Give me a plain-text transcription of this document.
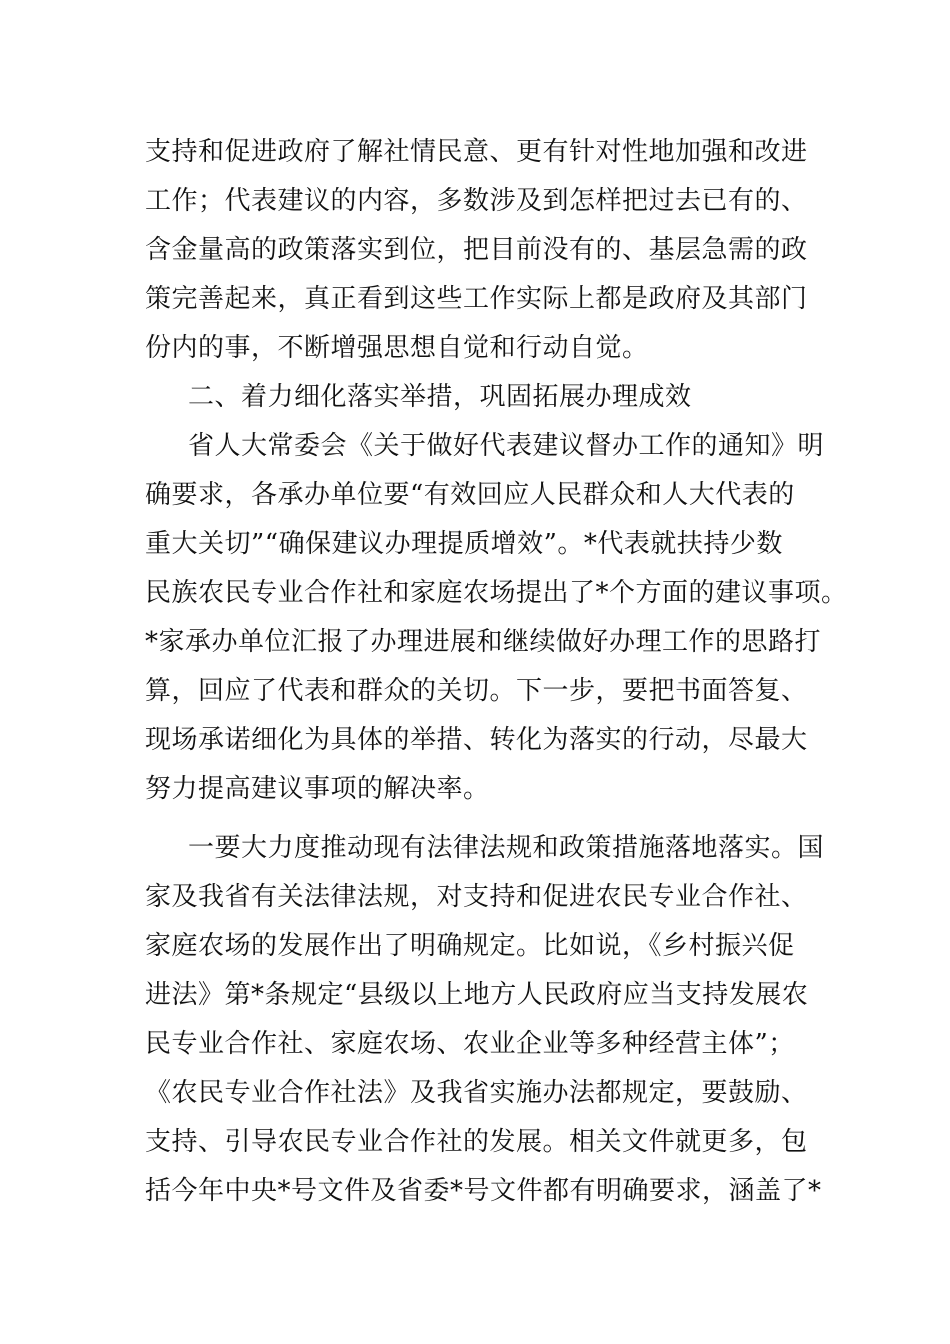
支持和促进政府了解社情民意、更有针对性地加强和改进
工作；代表建议的内容，多数涉及到怎样把过去已有的、
含金量高的政策落实到位，把目前没有的、基层急需的政
策完善起来，真正看到这些工作实际上都是政府及其部门
份内的事，不断增强思想自觉和行动自觉。
二、着力细化落实举措，巩固拓展办理成效
省人大常委会《关于做好代表建议督办工作的通知》明
确要求，各承办单位要“有效回应人民群众和人大代表的
重大关切”“确保建议办理提质增效”。*代表就扶持少数
民族农民专业合作社和家庭农场提出了*个方面的建议事项。
*家承办单位汇报了办理进展和继续做好办理工作的思路打
算，回应了代表和群众的关切。下一步，要把书面答复、
现场承诺细化为具体的举措、转化为落实的行动，尽最大
努力提高建议事项的解决率。
一要大力度推动现有法律法规和政策措施落地落实。国
家及我省有关法律法规，对支持和促进农民专业合作社、
家庭农场的发展作出了明确规定。比如说，《乡村振兴促
进法》第*条规定“县级以上地方人民政府应当支持发展农
民专业合作社、家庭农场、农业企业等多种经营主体”；
《农民专业合作社法》及我省实施办法都规定，要鼓励、
支持、引导农民专业合作社的发展。相关文件就更多，包
括今年中央*号文件及省委*号文件都有明确要求，涵盖了*
